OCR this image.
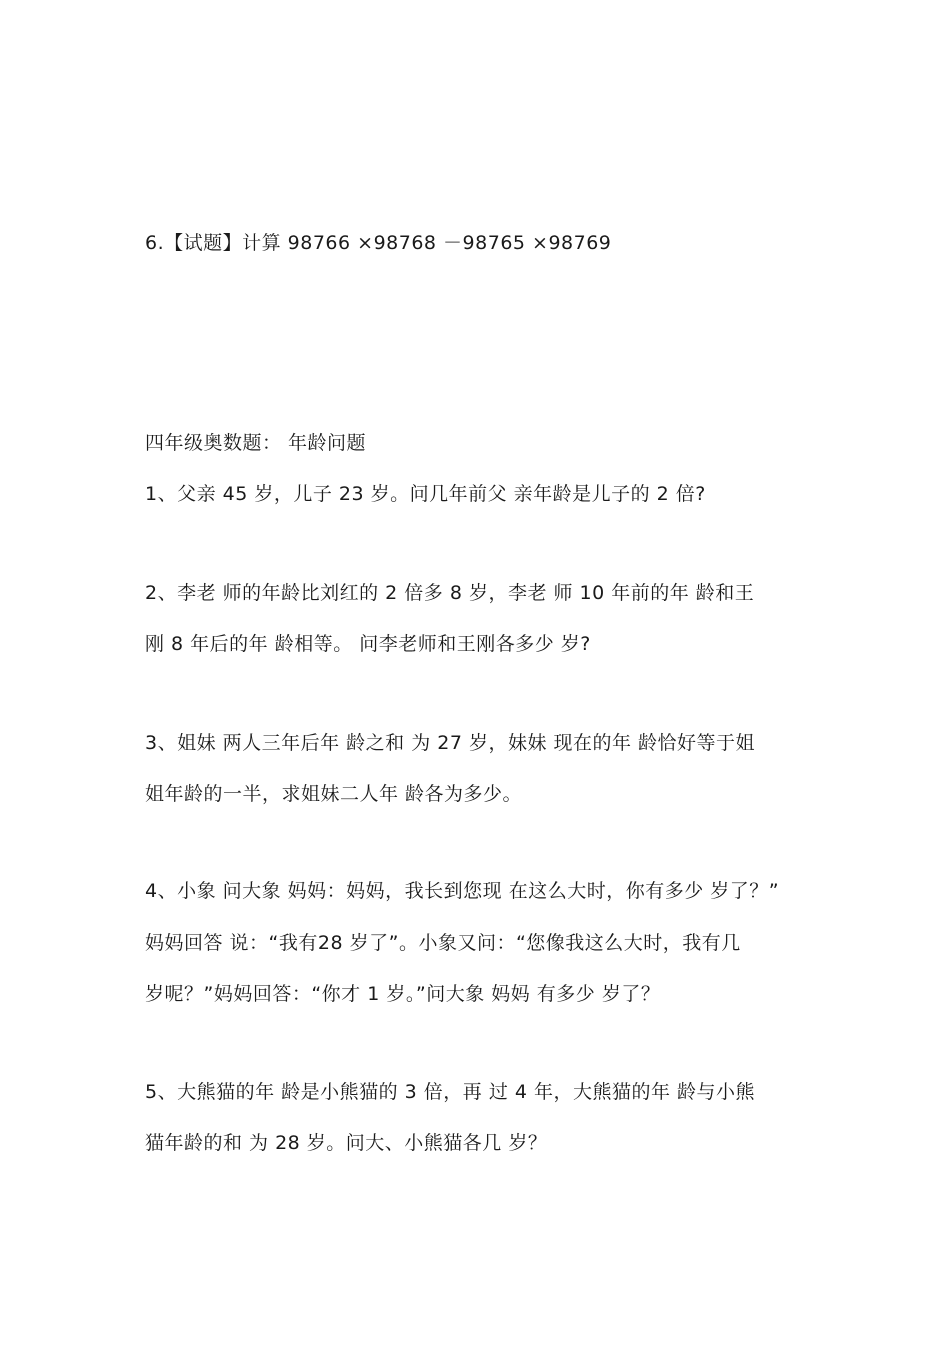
6.【试题】计算 98766 ×98768 －98765 ×98769
四年级奥数题： 年龄问题
1、父亲 45 岁，儿子 23 岁。问几年前父 亲年龄是儿子的 2 倍?
2、李老 师的年龄比刘红的 2 倍多 8 岁，李老 师 10 年前的年 龄和王
刚 8 年后的年 龄相等。 问李老师和王刚各多少 岁?
3、姐妹 两人三年后年 龄之和 为 27 岁，妹妹 现在的年 龄恰好等于姐
姐年龄的一半，求姐妹二人年 龄各为多少。
4、小象 问大象 妈妈：妈妈，我长到您现 在这么大时，你有多少 岁了？”
妈妈回答 说：“我有28 岁了”。小象又问：“您像我这么大时，我有几
岁呢？”妈妈回答：“你才 1 岁。”问大象 妈妈 有多少 岁了？
5、大熊猫的年 龄是小熊猫的 3 倍，再 过 4 年，大熊猫的年 龄与小熊
猫年龄的和 为 28 岁。问大、小熊猫各几 岁？
